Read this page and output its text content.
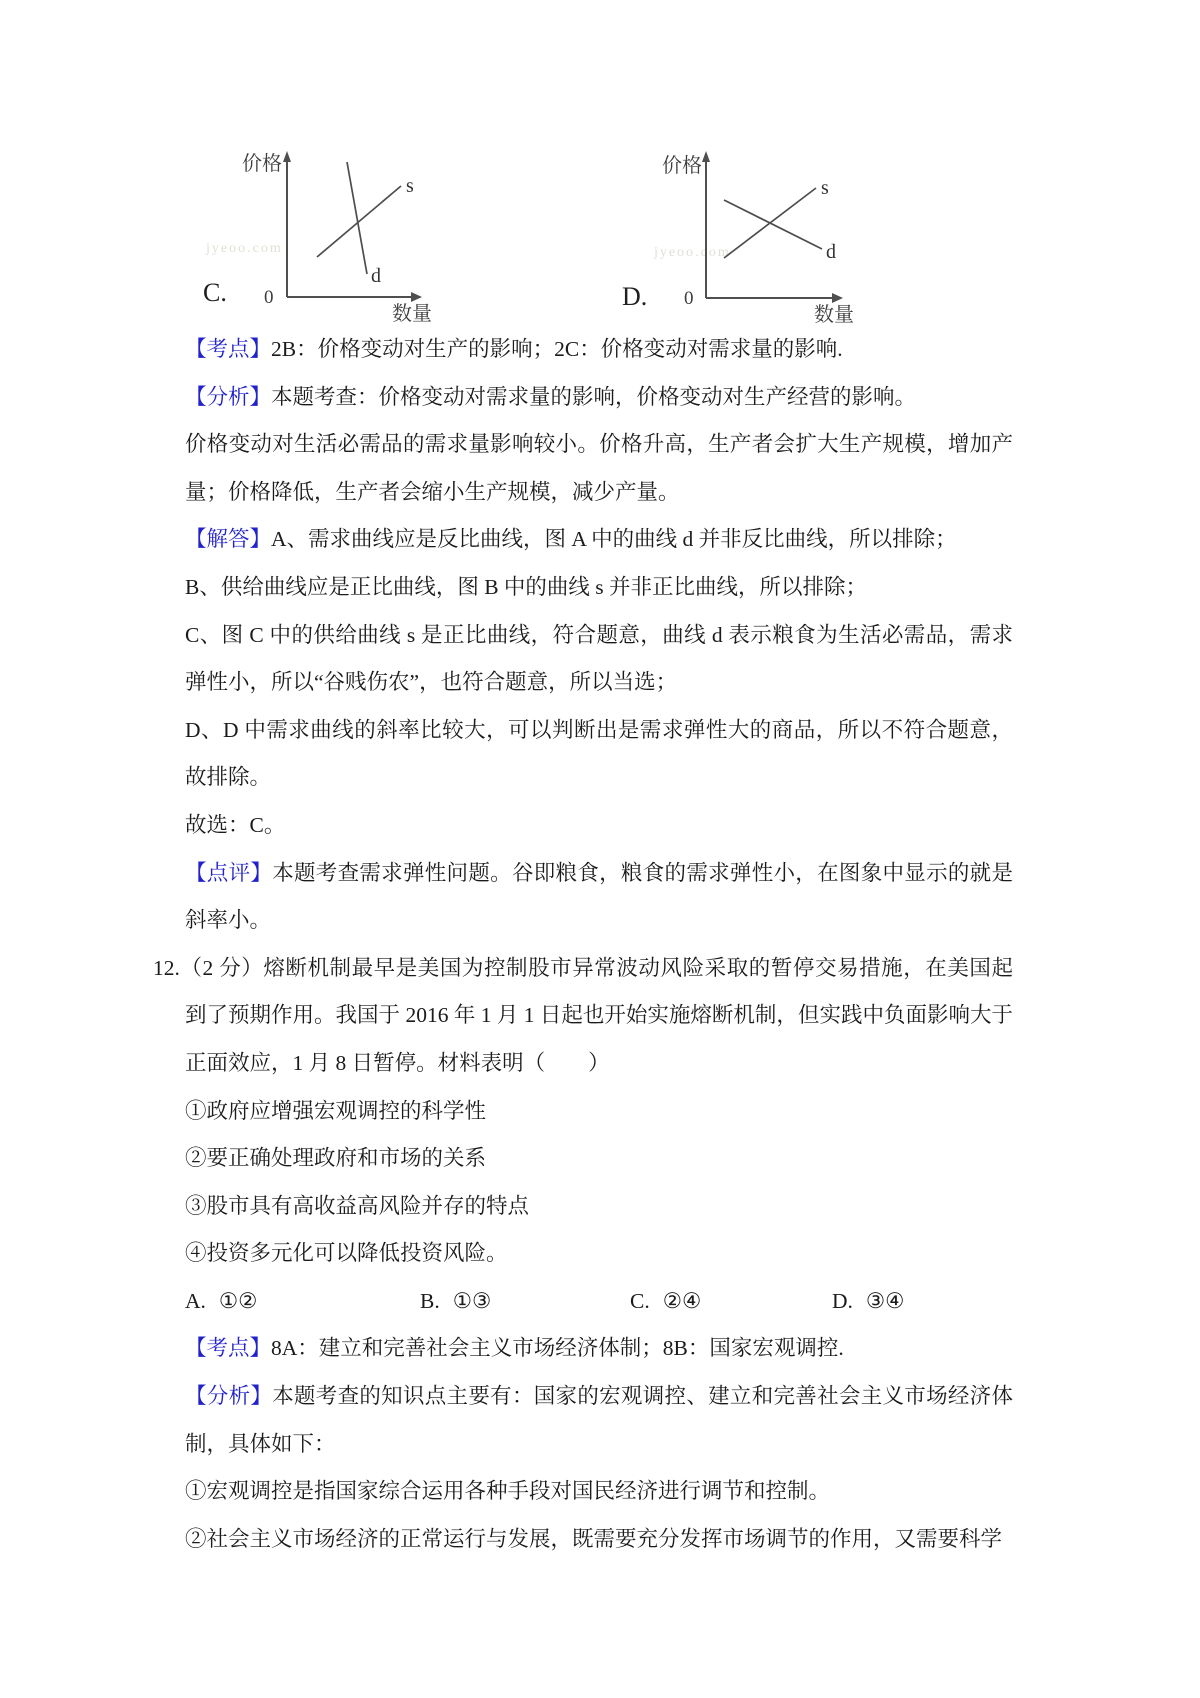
jyeoo.com
价格
0
数量
s
d
C.
jyeoo.com
价格
0
数量
s
d
D.

【考点】2B：价格变动对生产的影响；2C：价格变动对需求量的影响.

【分析】本题考查：价格变动对需求量的影响，价格变动对生产经营的影响。

价格变动对生活必需品的需求量影响较小。价格升高，生产者会扩大生产规模，增加产量；价格降低，生产者会缩小生产规模，减少产量。

【解答】A、需求曲线应是反比曲线，图 A 中的曲线 d 并非反比曲线，所以排除；

B、供给曲线应是正比曲线，图 B 中的曲线 s 并非正比曲线，所以排除；

C、图 C 中的供给曲线 s 是正比曲线，符合题意，曲线 d 表示粮食为生活必需品，需求弹性小，所以“谷贱伤农”，也符合题意，所以当选；

D、D 中需求曲线的斜率比较大，可以判断出是需求弹性大的商品，所以不符合题意，故排除。

故选：C。

【点评】本题考查需求弹性问题。谷即粮食，粮食的需求弹性小，在图象中显示的就是斜率小。

12.（2 分）熔断机制最早是美国为控制股市异常波动风险采取的暂停交易措施，在美国起到了预期作用。我国于 2016 年 1 月 1 日起也开始实施熔断机制，但实践中负面影响大于正面效应，1 月 8 日暂停。材料表明（　　）

①政府应增强宏观调控的科学性

②要正确处理政府和市场的关系

③股市具有高收益高风险并存的特点

④投资多元化可以降低投资风险。

A. ①②	B. ①③	C. ②④	D. ③④

【考点】8A：建立和完善社会主义市场经济体制；8B：国家宏观调控.

【分析】本题考查的知识点主要有：国家的宏观调控、建立和完善社会主义市场经济体制，具体如下：

①宏观调控是指国家综合运用各种手段对国民经济进行调节和控制。

②社会主义市场经济的正常运行与发展，既需要充分发挥市场调节的作用，又需要科学
